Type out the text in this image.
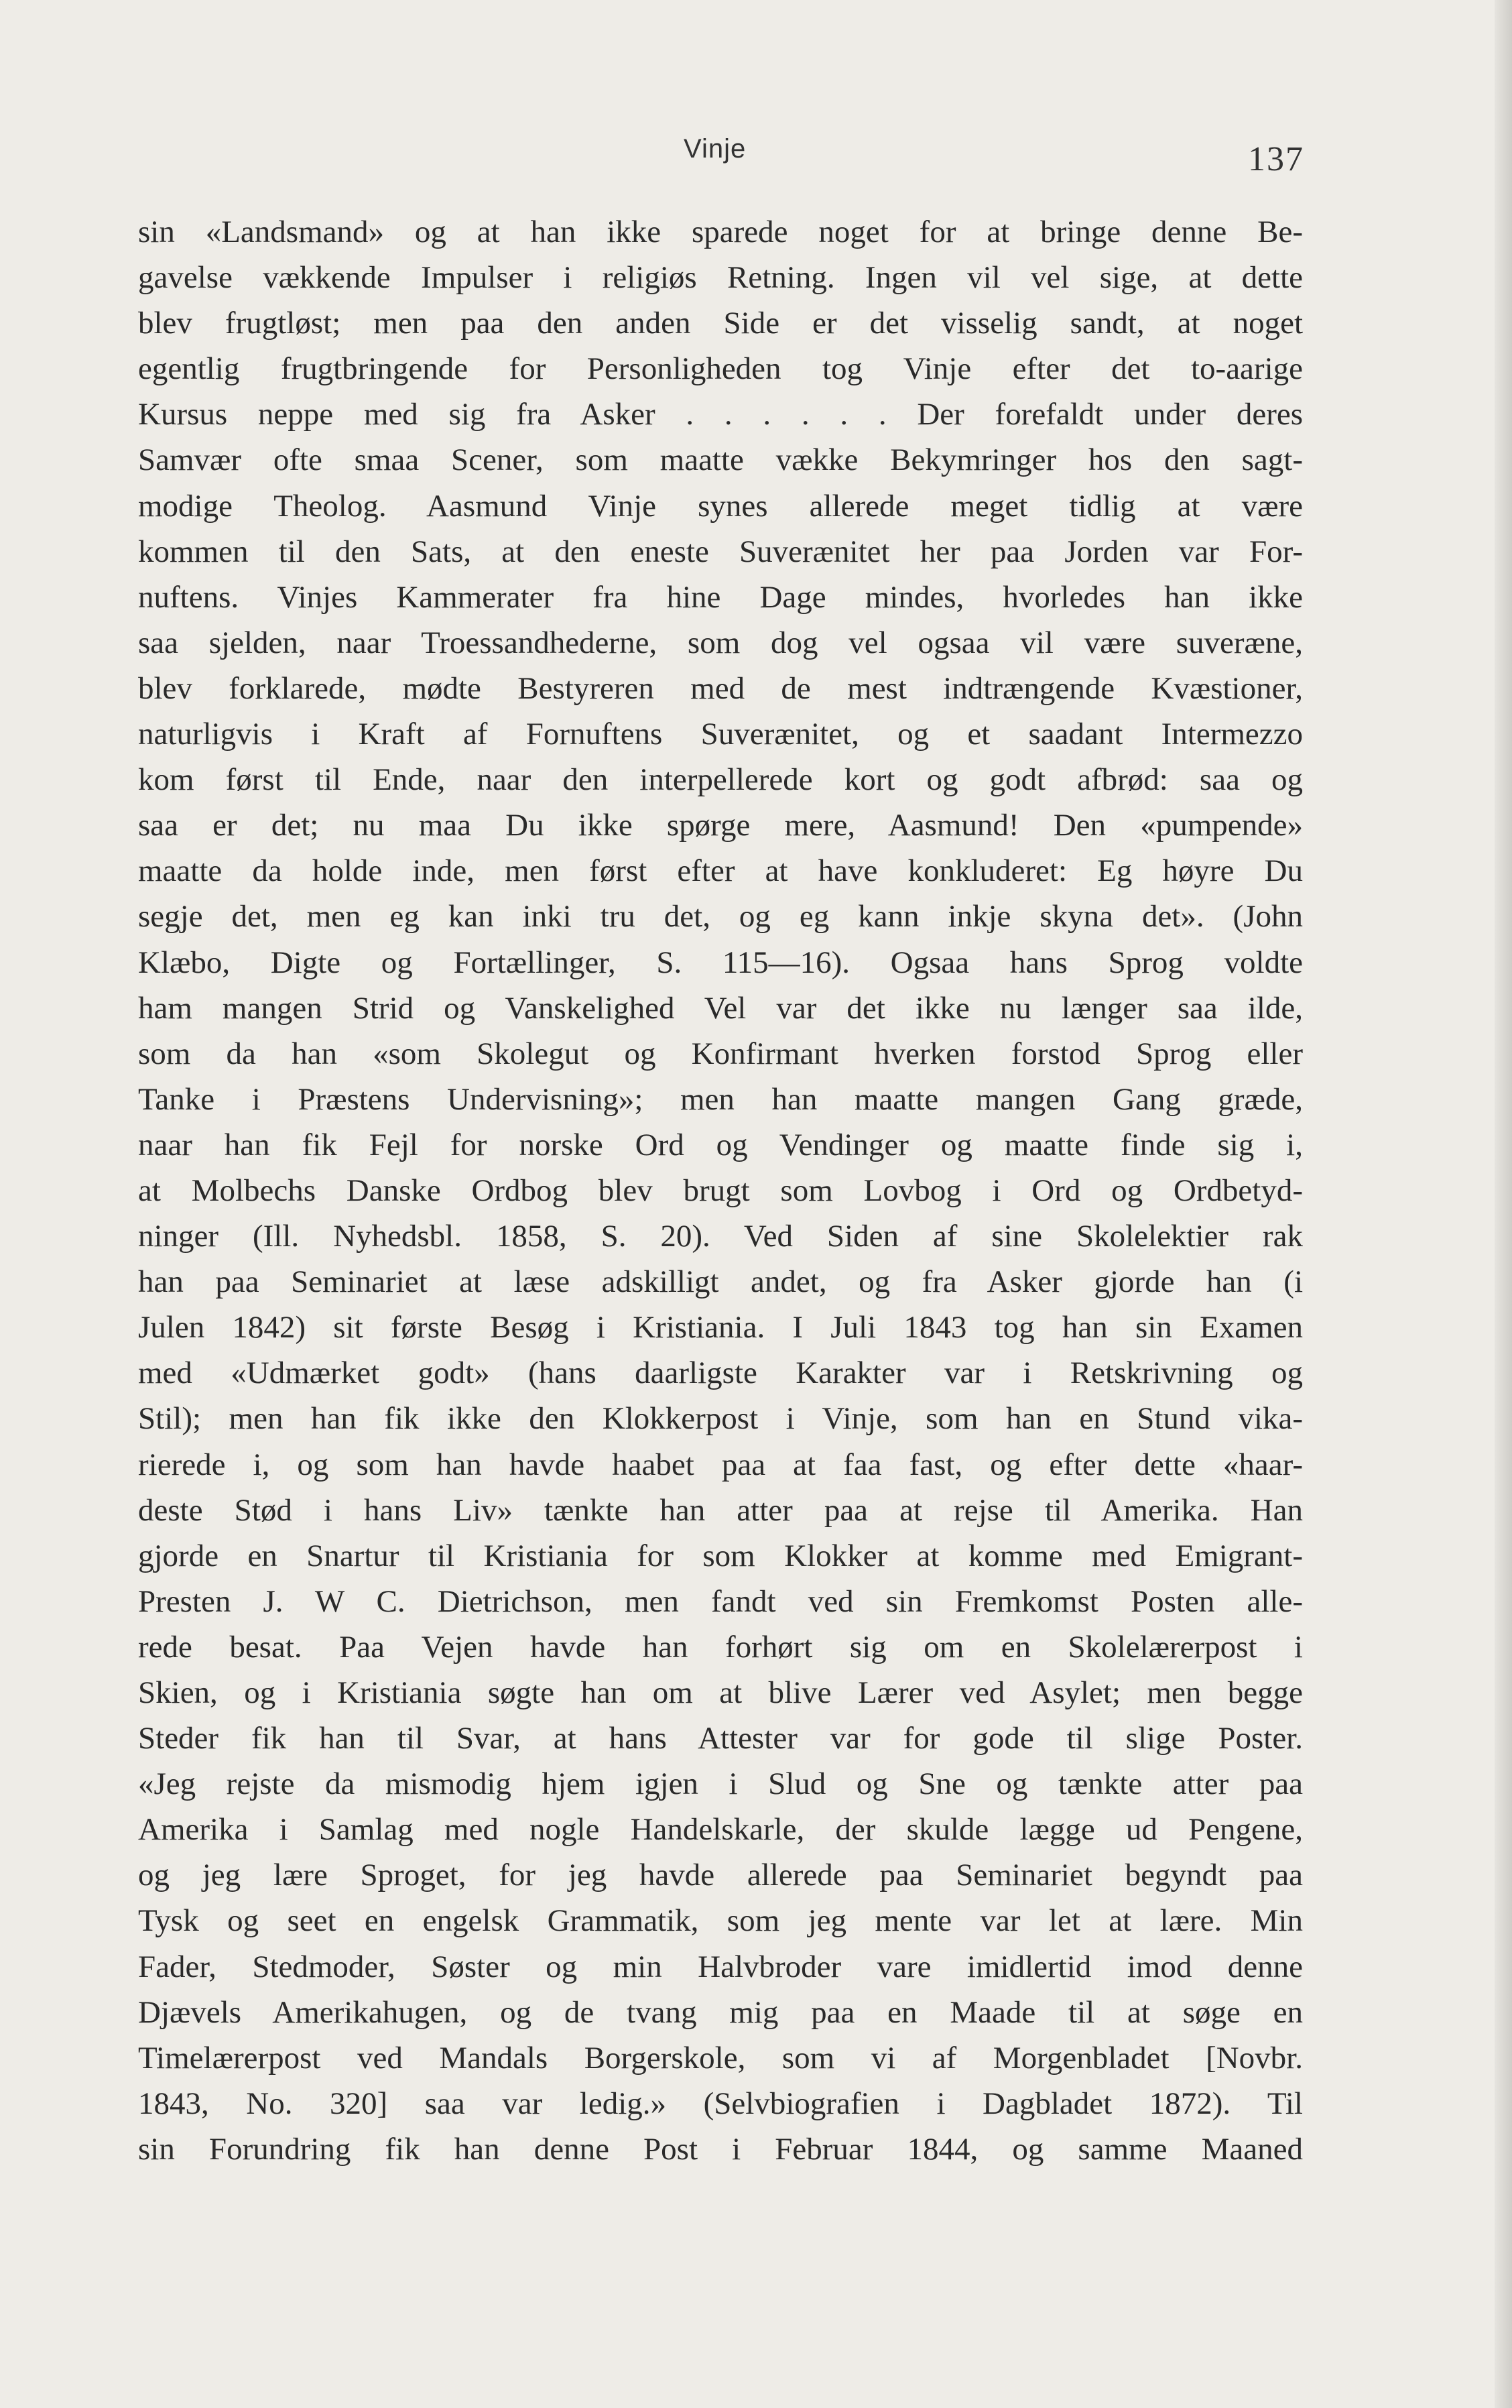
Vinje	137
sin «Landsmand» og at han ikke sparede noget for at bringe denne Be-
gavelse vækkende Impulser i religiøs Retning. Ingen vil vel sige, at dette
blev frugtløst; men paa den anden Side er det visselig sandt, at noget
egentlig frugtbringende for Personligheden tog Vinje efter det to-aarige
Kursus neppe med sig fra Asker . . . . . . Der forefaldt under deres
Samvær ofte smaa Scener, som maatte vække Bekymringer hos den sagt-
modige Theolog. Aasmund Vinje synes allerede meget tidlig at være
kommen til den Sats, at den eneste Suverænitet her paa Jorden var For-
nuftens. Vinjes Kammerater fra hine Dage mindes, hvorledes han ikke
saa sjelden, naar Troessandhederne, som dog vel ogsaa vil være suveræne,
blev forklarede, mødte Bestyreren med de mest indtrængende Kvæstioner,
naturligvis i Kraft af Fornuftens Suverænitet, og et saadant Intermezzo
kom først til Ende, naar den interpellerede kort og godt afbrød: saa og
saa er det; nu maa Du ikke spørge mere, Aasmund! Den «pumpende»
maatte da holde inde, men først efter at have konkluderet: Eg høyre Du
segje det, men eg kan inki tru det, og eg kann inkje skyna det». (John
Klæbo, Digte og Fortællinger, S. 115—16). Ogsaa hans Sprog voldte
ham mangen Strid og Vanskelighed Vel var det ikke nu længer saa ilde,
som da han «som Skolegut og Konfirmant hverken forstod Sprog eller
Tanke i Præstens Undervisning»; men han maatte mangen Gang græde,
naar han fik Fejl for norske Ord og Vendinger og maatte finde sig i,
at Molbechs Danske Ordbog blev brugt som Lovbog i Ord og Ordbetyd-
ninger (Ill. Nyhedsbl. 1858, S. 20). Ved Siden af sine Skolelektier rak
han paa Seminariet at læse adskilligt andet, og fra Asker gjorde han (i
Julen 1842) sit første Besøg i Kristiania. I Juli 1843 tog han sin Examen
med «Udmærket godt» (hans daarligste Karakter var i Retskrivning og
Stil); men han fik ikke den Klokkerpost i Vinje, som han en Stund vika-
rierede i, og som han havde haabet paa at faa fast, og efter dette «haar-
deste Stød i hans Liv» tænkte han atter paa at rejse til Amerika. Han
gjorde en Snartur til Kristiania for som Klokker at komme med Emigrant-
Presten J. W C. Dietrichson, men fandt ved sin Fremkomst Posten alle-
rede besat. Paa Vejen havde han forhørt sig om en Skolelærerpost i
Skien, og i Kristiania søgte han om at blive Lærer ved Asylet; men begge
Steder fik han til Svar, at hans Attester var for gode til slige Poster.
«Jeg rejste da mismodig hjem igjen i Slud og Sne og tænkte atter paa
Amerika i Samlag med nogle Handelskarle, der skulde lægge ud Pengene,
og jeg lære Sproget, for jeg havde allerede paa Seminariet begyndt paa
Tysk og seet en engelsk Grammatik, som jeg mente var let at lære. Min
Fader, Stedmoder, Søster og min Halvbroder vare imidlertid imod denne
Djævels Amerikahugen, og de tvang mig paa en Maade til at søge en
Timelærerpost ved Mandals Borgerskole, som vi af Morgenbladet [Novbr.
1843, No. 320] saa var ledig.» (Selvbiografien i Dagbladet 1872). Til
sin Forundring fik han denne Post i Februar 1844, og samme Maaned
